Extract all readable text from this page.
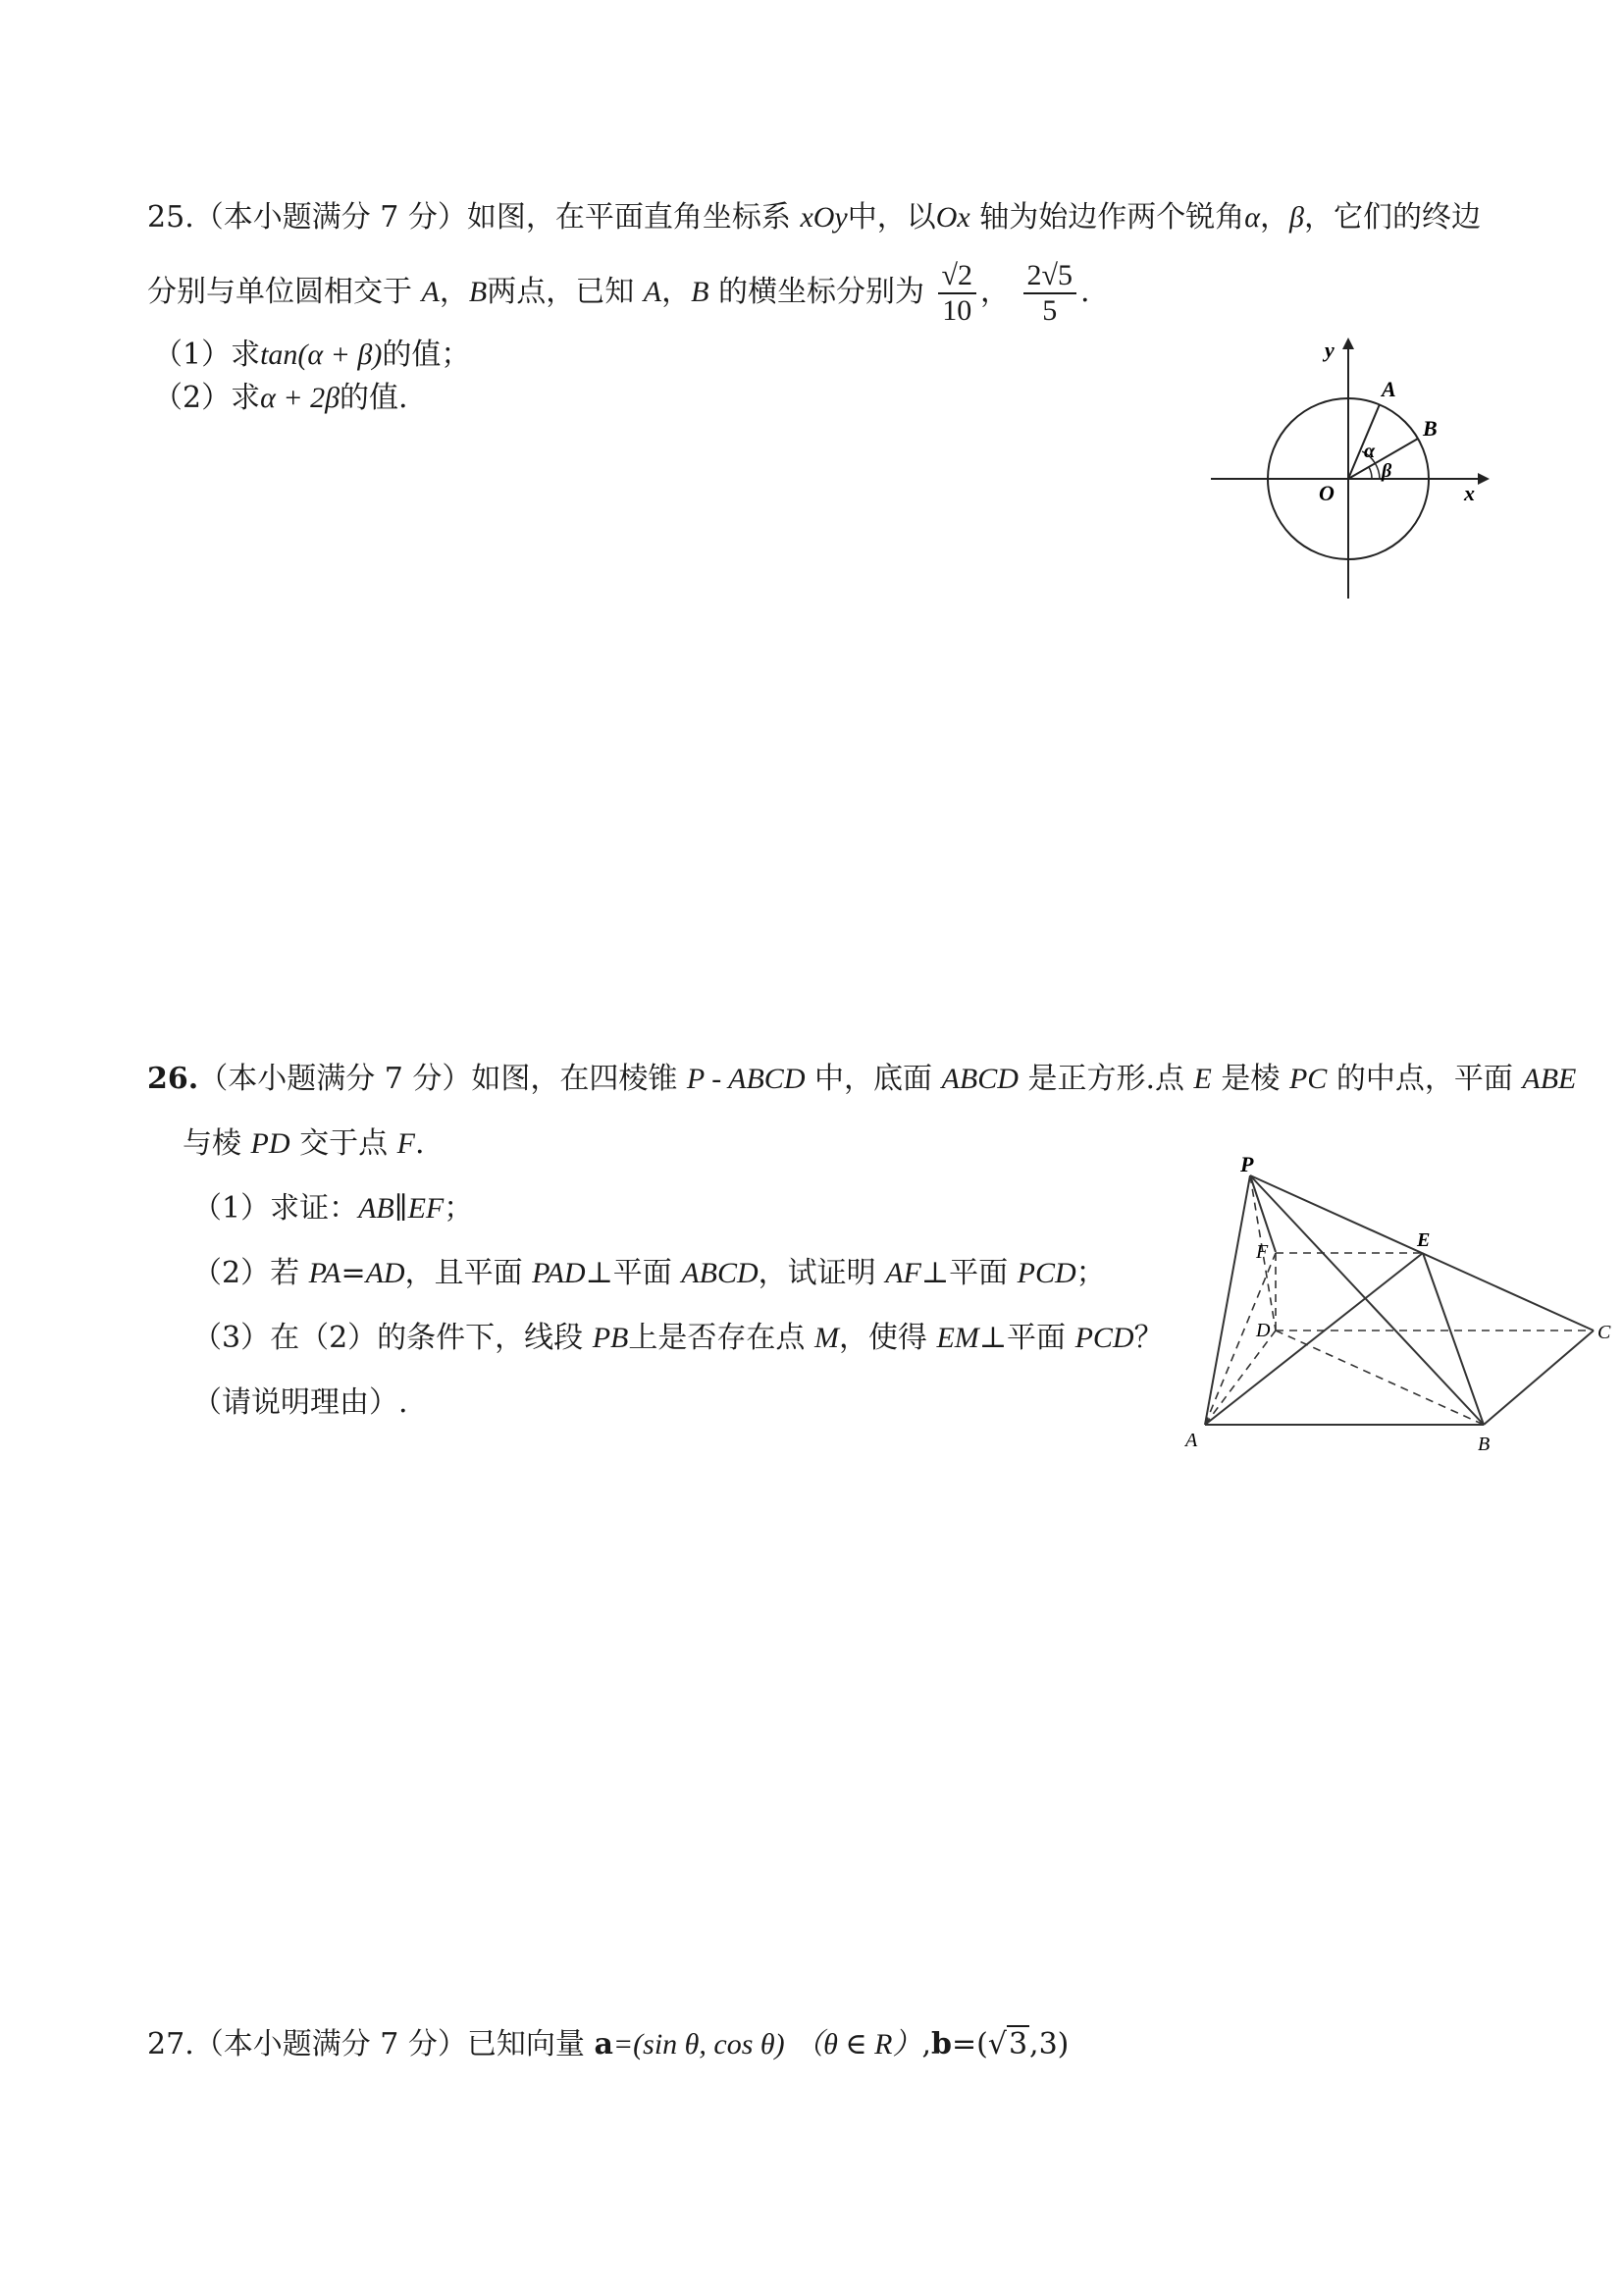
25.（本小题满分 7 分）如图，在平面直角坐标系 xOy中，以Ox 轴为始边作两个锐角α，β，它们的终边
分别与单位圆相交于 A，B两点，已知 A，B 的横坐标分别为 $\frac{√2}{10}$ ， $\frac{2√5}{5}$ .
（1）求tan(α + β)的值；
（2）求α + 2β的值.
y
x
O
A
B
α
β
26.（本小题满分 7 分）如图，在四棱锥 P - ABCD 中，底面 ABCD 是正方形.点 E 是棱 PC 的中点，平面 ABE
与棱 PD 交于点 F.
（1）求证：AB∥EF；
（2）若 PA=AD，且平面 PAD⊥平面 ABCD，试证明 AF⊥平面 PCD；
（3）在（2）的条件下，线段 PB上是否存在点 M，使得 EM⊥平面 PCD？
（请说明理由）.
P
A	B
C
D
E
F
27.（本小题满分 7 分）已知向量 a=(sin θ, cos θ) （θ ∈ R）,b=(√3,3)
